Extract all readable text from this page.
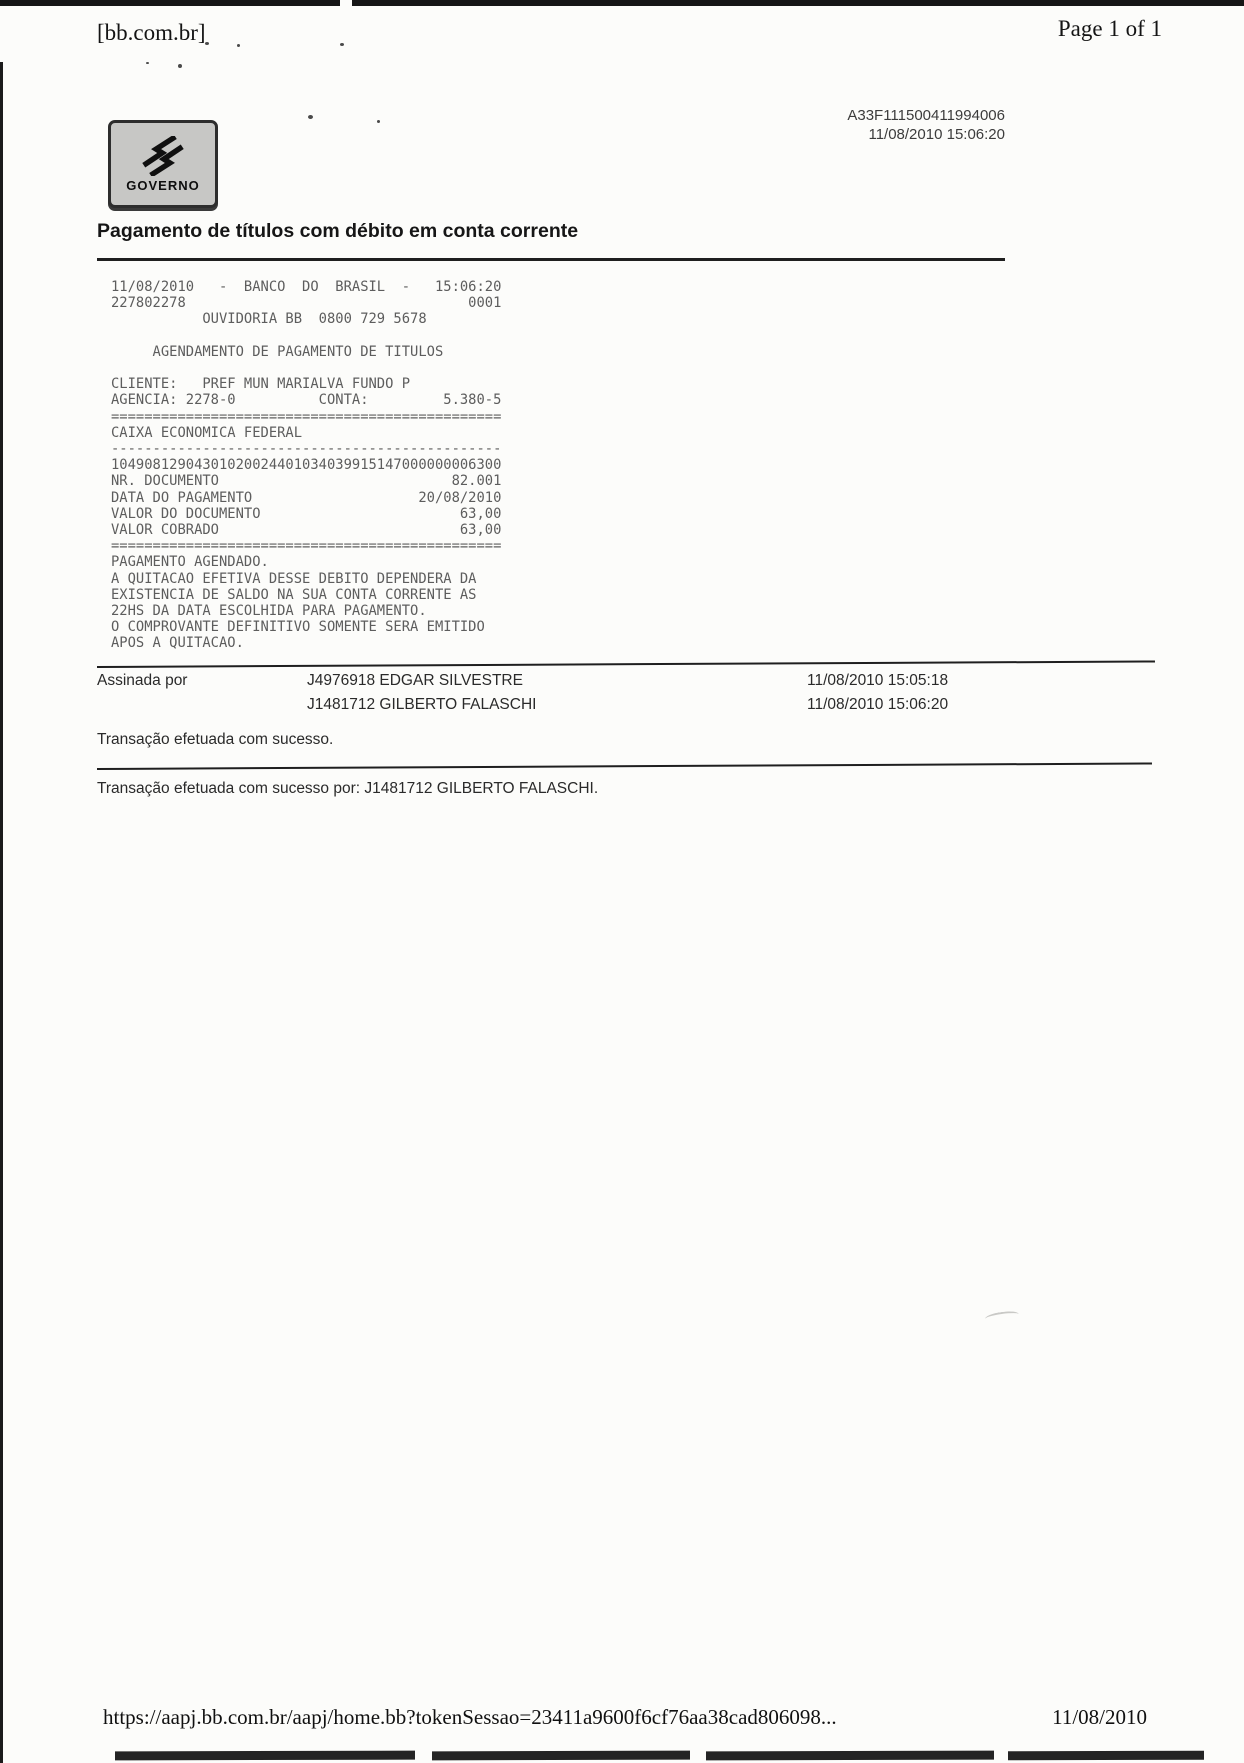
[bb.com.br]	Page 1 of 1
A33F111500411994006
11/08/2010 15:06:20
GOVERNO
Pagamento de títulos com débito em conta corrente
11/08/2010   -  BANCO  DO  BRASIL  -   15:06:20
227802278                                  0001
OUVIDORIA BB  0800 729 5678
AGENDAMENTO DE PAGAMENTO DE TITULOS
CLIENTE:   PREF MUN MARIALVA FUNDO P
AGENCIA: 2278-0          CONTA:         5.380-5
===============================================
CAIXA ECONOMICA FEDERAL
-----------------------------------------------
10490812904301020024401034039915147000000006300
NR. DOCUMENTO                            82.001
DATA DO PAGAMENTO                    20/08/2010
VALOR DO DOCUMENTO                        63,00
VALOR COBRADO                             63,00
===============================================
PAGAMENTO AGENDADO.
A QUITACAO EFETIVA DESSE DEBITO DEPENDERA DA
EXISTENCIA DE SALDO NA SUA CONTA CORRENTE AS
22HS DA DATA ESCOLHIDA PARA PAGAMENTO.
O COMPROVANTE DEFINITIVO SOMENTE SERA EMITIDO
APOS A QUITACAO.
Assinada por	J4976918 EDGAR SILVESTRE	11/08/2010 15:05:18
J1481712 GILBERTO FALASCHI	11/08/2010 15:06:20
Transação efetuada com sucesso.
Transação efetuada com sucesso por: J1481712 GILBERTO FALASCHI.
https://aapj.bb.com.br/aapj/home.bb?tokenSessao=23411a9600f6cf76aa38cad806098...	11/08/2010
